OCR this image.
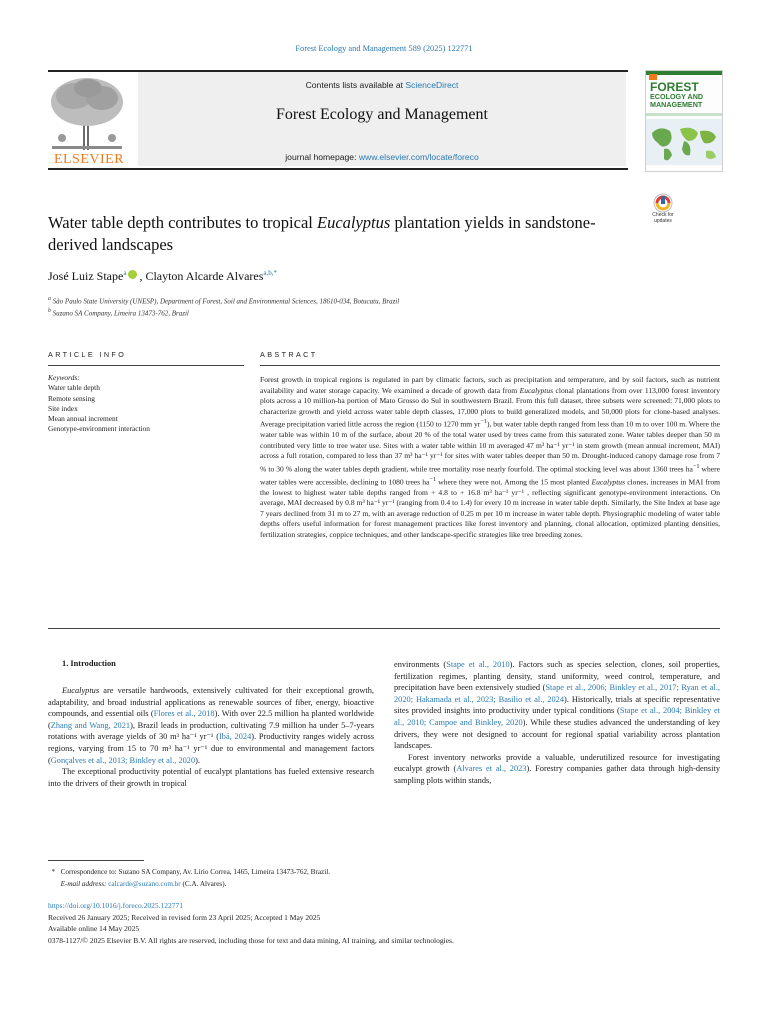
Forest Ecology and Management 589 (2025) 122771
ELSEVIER
Contents lists available at ScienceDirect
Forest Ecology and Management
journal homepage: www.elsevier.com/locate/foreco
FOREST
ECOLOGY AND
MANAGEMENT
Check for
updates
Water table depth contributes to tropical Eucalyptus plantation yields in sandstone-derived landscapes
José Luiz Stape$^a$ , Clayton Alcarde Alvares$^{a,b,*}$
$^a$ São Paulo State University (UNESP), Department of Forest, Soil and Environmental Sciences, 18610-034, Botucatu, Brazil
$^b$ Suzano SA Company, Limeira 13473-762, Brazil
ARTICLE INFO	ABSTRACT
Keywords:
Water table depth
Remote sensing
Site index
Mean annual increment
Genotype-environment interaction
Forest growth in tropical regions is regulated in part by climatic factors, such as precipitation and temperature, and by soil factors, such as nutrient availability and water storage capacity. We examined a decade of growth data from Eucalyptus clonal plantations from over 113,000 forest inventory plots across a 10 million-ha portion of Mato Grosso do Sul in southwestern Brazil. From this full dataset, three subsets were screened: 71,000 plots to characterize growth and yield across water table depth classes, 17,000 plots to build generalized models, and 50,000 plots for clone-based analyses. Average precipitation varied little across the region (1150 to 1270 mm $yr^{-1}$), but water table depth ranged from less than 10 m to over 100 m. Where the water table was within 10 m of the surface, about 20 % of the total water used by trees came from this saturated zone. Water tables deeper than 50 m contributed very little to tree water use. Sites with a water table within 10 m averaged 47 m³ ha⁻¹ yr⁻¹ in stem growth (mean annual increment, MAI) across a full rotation, compared to less than 37 m³ ha⁻¹ yr⁻¹ for sites with water tables deeper than 50 m. Drought-induced canopy damage rose from 7 % to 30 % along the water tables depth gradient, while tree mortality rose nearly fourfold. The optimal stocking level was about 1360 trees $ha^{-1}$ where water tables were accessible, declining to 1080 trees $ha^{-1}$ where they were not. Among the 15 most planted Eucalyptus clones, increases in MAI from the lowest to highest water table depths ranged from + 4.8 to + 16.8 m³ ha⁻¹ yr⁻¹ , reflecting significant genotype-environment interactions. On average, MAI decreased by 0.8 m³ ha⁻¹ yr⁻¹ (ranging from 0.4 to 1.4) for every 10 m increase in water table depth. Similarly, the Site Index at base age 7 years declined from 31 m to 27 m, with an average reduction of 0.25 m per 10 m increase in water table depth. Physiographic modeling of water table depths offers useful information for forest management practices like forest inventory and planning, clonal allocation, optimized planting densities, fertilization strategies, coppice techniques, and other landscape-specific strategies like tree breeding zones.
1. Introduction

Eucalyptus are versatile hardwoods, extensively cultivated for their exceptional growth, adaptability, and broad industrial applications as renewable sources of fiber, energy, bioactive compounds, and essential oils (Flores et al., 2018). With over 22.5 million ha planted worldwide (Zhang and Wang, 2021), Brazil leads in production, cultivating 7.9 million ha under 5–7-years rotations with average yields of 30 m³ ha⁻¹ yr⁻¹ (Ibá, 2024). Productivity ranges widely across regions, varying from 15 to 70 m³ ha⁻¹ yr⁻¹ due to environmental and management factors (Gonçalves et al., 2013; Binkley et al., 2020).

The exceptional productivity potential of eucalypt plantations has fueled extensive research into the drivers of their growth in tropical

environments (Stape et al., 2010). Factors such as species selection, clones, soil properties, fertilization regimes, planting density, stand uniformity, weed control, temperature, and precipitation have been extensively studied (Stape et al., 2006; Binkley et al., 2017; Ryan et al., 2020; Hakamada et al., 2023; Basilio et al., 2024). Historically, trials at specific representative sites provided insights into productivity under typical conditions (Stape et al., 2004; Binkley et al., 2010; Campoe and Binkley, 2020). While these studies advanced the understanding of key drivers, they were not designed to account for regional spatial variability across plantation landscapes.

Forest inventory networks provide a valuable, underutilized resource for investigating eucalypt growth (Alvares et al., 2023). Forestry companies gather data through high-density sampling plots within stands,

* Correspondence to: Suzano SA Company, Av. Lírio Correa, 1465, Limeira 13473-762, Brazil.
E-mail address: calcarde@suzano.com.br (C.A. Alvares).
https://doi.org/10.1016/j.foreco.2025.122771
Received 26 January 2025; Received in revised form 23 April 2025; Accepted 1 May 2025
Available online 14 May 2025
0378-1127/© 2025 Elsevier B.V. All rights are reserved, including those for text and data mining, AI training, and similar technologies.
